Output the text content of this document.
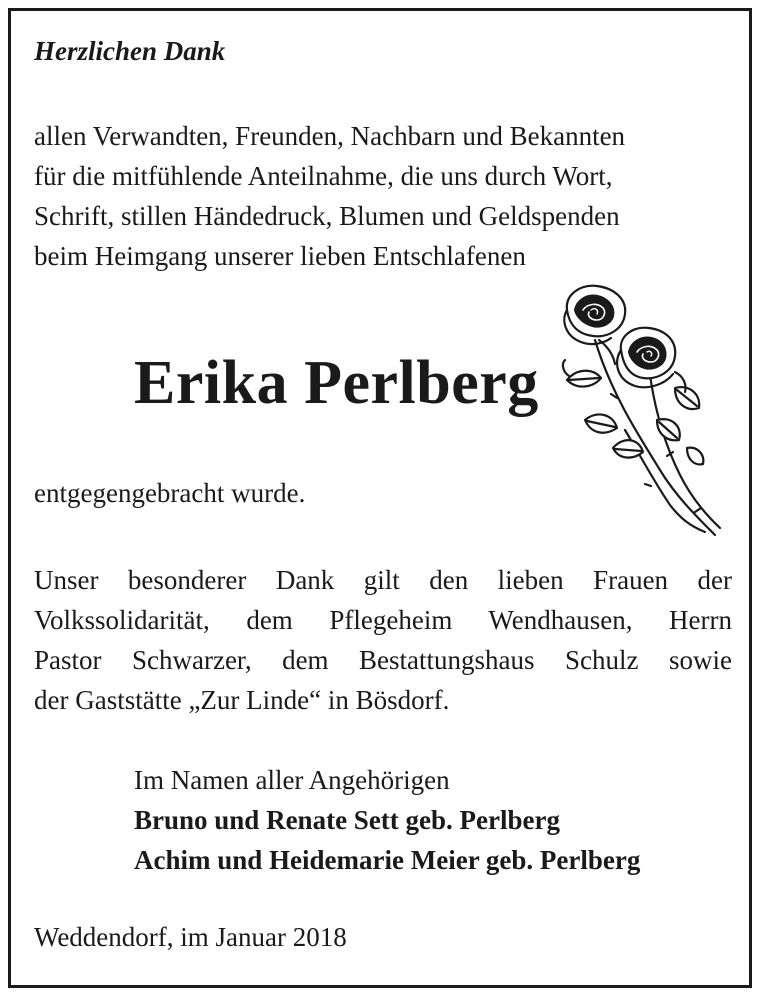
Herzlichen Dank

allen Verwandten, Freunden, Nachbarn und Bekannten
für die mitfühlende Anteilnahme, die uns durch Wort,
Schrift, stillen Händedruck, Blumen und Geldspenden
beim Heimgang unserer lieben Entschlafenen

Erika Perlberg

entgegengebracht wurde.

Unser besonderer Dank gilt den lieben Frauen der
Volkssolidarität, dem Pflegeheim Wendhausen, Herrn
Pastor Schwarzer, dem Bestattungshaus Schulz sowie
der Gaststätte „Zur Linde“ in Bösdorf.

Im Namen aller Angehörigen
Bruno und Renate Sett geb. Perlberg
Achim und Heidemarie Meier geb. Perlberg

Weddendorf, im Januar 2018
